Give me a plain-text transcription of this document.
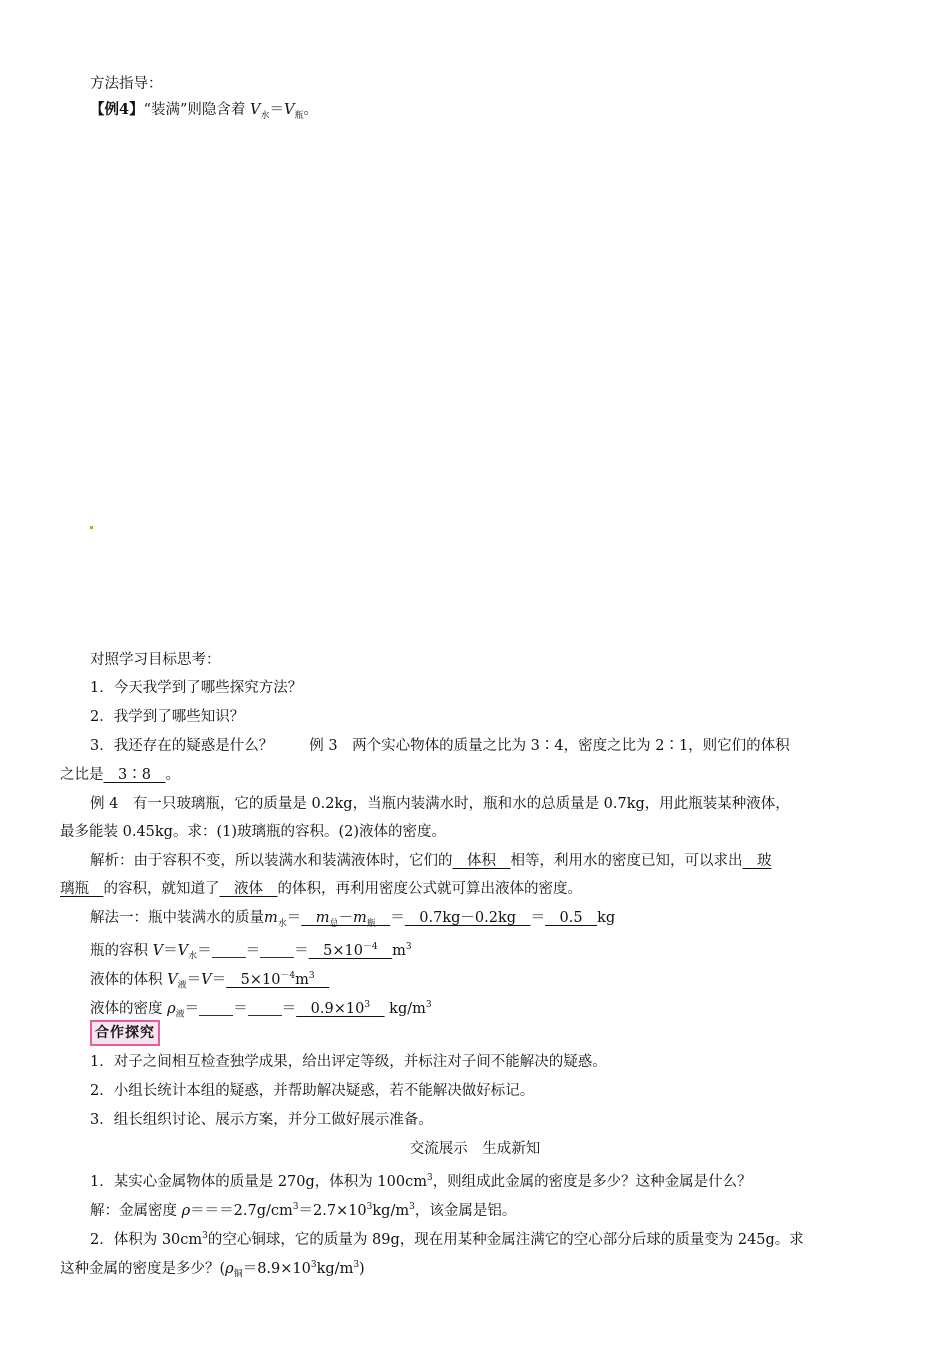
方法指导：
【例4】“装满”则隐含着 $V_水=V_瓶$。
对照学习目标思考：
1．今天我学到了哪些探究方法？
2．我学到了哪些知识？
3．我还存在的疑惑是什么？ 例 3　两个实心物体的质量之比为 3∶4，密度之比为 2∶1，则它们的体积
之比是　3∶8　。
例 4　有一只玻璃瓶，它的质量是 0.2kg，当瓶内装满水时，瓶和水的总质量是 0.7kg，用此瓶装某种液体，
最多能装 0.45kg。求：(1)玻璃瓶的容积。(2)液体的密度。
解析：由于容积不变，所以装满水和装满液体时，它们的　体积　相等，利用水的密度已知，可以求出　玻
璃瓶　的容积，就知道了　液体　的体积，再利用密度公式就可算出液体的密度。
解法一：瓶中装满水的质量$m_水=$　 $m_总-m_瓶$　 ＝　0.7kg－0.2kg　＝　0.5　kg
瓶的容积 $V=V_水=$ ＝ ＝　$5\times 10^{-4}$　 $m^3$
液体的体积 $V_液=V=$　$5\times 10^{-4}m^3$　
液体的密度 $\rho_液=$ ＝ ＝　$0.9\times 10^3$　 $kg/m^3$
合作探究
1．对子之间相互检查独学成果，给出评定等级，并标注对子间不能解决的疑惑。
2．小组长统计本组的疑惑，并帮助解决疑惑，若不能解决做好标记。
3．组长组织讨论、展示方案，并分工做好展示准备。
交流展示　生成新知
1．某实心金属物体的质量是 270g，体积为 $100cm^3$，则组成此金属的密度是多少？这种金属是什么？
解：金属密度 $\rho===2.7g/cm^3=2.7\times 10^3kg/m^3$，该金属是铝。
2．体积为 $30cm^3$的空心铜球，它的质量为 89g，现在用某种金属注满它的空心部分后球的质量变为 245g。求
这种金属的密度是多少？$(\rho_铜=8.9\times 10^3kg/m^3)$
